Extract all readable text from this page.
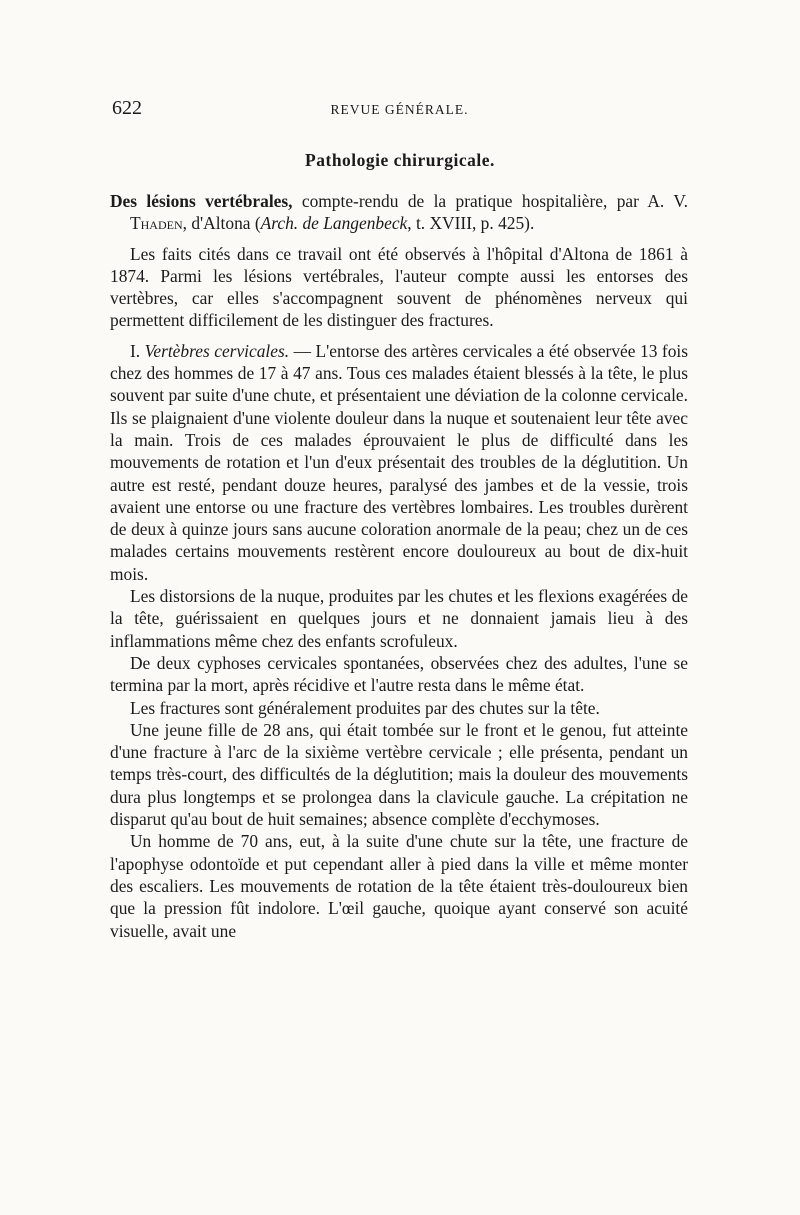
622	REVUE GÉNÉRALE.
Pathologie chirurgicale.

Des lésions vertébrales, compte-rendu de la pratique hospitalière, par A. V. Thaden, d'Altona (Arch. de Langenbeck, t. XVIII, p. 425).

Les faits cités dans ce travail ont été observés à l'hôpital d'Altona de 1861 à 1874. Parmi les lésions vertébrales, l'auteur compte aussi les entorses des vertèbres, car elles s'accompagnent souvent de phénomènes nerveux qui permettent difficilement de les distinguer des fractures.

I. Vertèbres cervicales. — L'entorse des artères cervicales a été observée 13 fois chez des hommes de 17 à 47 ans. Tous ces malades étaient blessés à la tête, le plus souvent par suite d'une chute, et présentaient une déviation de la colonne cervicale. Ils se plaignaient d'une violente douleur dans la nuque et soutenaient leur tête avec la main. Trois de ces malades éprouvaient le plus de difficulté dans les mouvements de rotation et l'un d'eux présentait des troubles de la déglutition. Un autre est resté, pendant douze heures, paralysé des jambes et de la vessie, trois avaient une entorse ou une fracture des vertèbres lombaires. Les troubles durèrent de deux à quinze jours sans aucune coloration anormale de la peau; chez un de ces malades certains mouvements restèrent encore douloureux au bout de dix-huit mois.

Les distorsions de la nuque, produites par les chutes et les flexions exagérées de la tête, guérissaient en quelques jours et ne donnaient jamais lieu à des inflammations même chez des enfants scrofuleux.

De deux cyphoses cervicales spontanées, observées chez des adultes, l'une se termina par la mort, après récidive et l'autre resta dans le même état.

Les fractures sont généralement produites par des chutes sur la tête.

Une jeune fille de 28 ans, qui était tombée sur le front et le genou, fut atteinte d'une fracture à l'arc de la sixième vertèbre cervicale ; elle présenta, pendant un temps très-court, des difficultés de la déglutition; mais la douleur des mouvements dura plus longtemps et se prolongea dans la clavicule gauche. La crépitation ne disparut qu'au bout de huit semaines; absence complète d'ecchymoses.

Un homme de 70 ans, eut, à la suite d'une chute sur la tête, une fracture de l'apophyse odontoïde et put cependant aller à pied dans la ville et même monter des escaliers. Les mouvements de rotation de la tête étaient très-douloureux bien que la pression fût indolore. L'œil gauche, quoique ayant conservé son acuité visuelle, avait une
